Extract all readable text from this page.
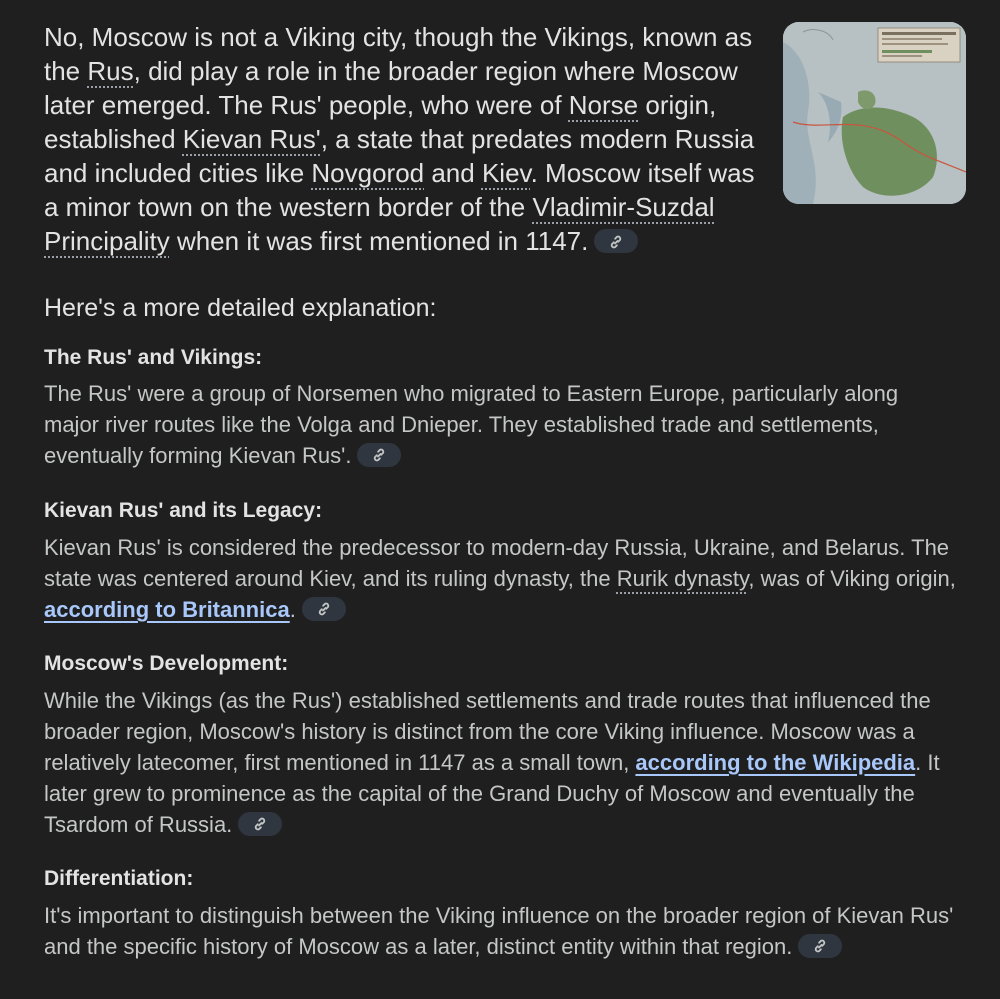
No, Moscow is not a Viking city, though the Vikings, known as the Rus, did play a role in the broader region where Moscow later emerged. The Rus' people, who were of Norse origin, established Kievan Rus', a state that predates modern Russia and included cities like Novgorod and Kiev. Moscow itself was a minor town on the western border of the Vladimir-Suzdal Principality when it was first mentioned in 1147.

Here's a more detailed explanation:

The Rus' and Vikings:

The Rus' were a group of Norsemen who migrated to Eastern Europe, particularly along major river routes like the Volga and Dnieper. They established trade and settlements, eventually forming Kievan Rus'.

Kievan Rus' and its Legacy:

Kievan Rus' is considered the predecessor to modern-day Russia, Ukraine, and Belarus. The state was centered around Kiev, and its ruling dynasty, the Rurik dynasty, was of Viking origin, according to Britannica.

Moscow's Development:

While the Vikings (as the Rus') established settlements and trade routes that influenced the broader region, Moscow's history is distinct from the core Viking influence. Moscow was a relatively latecomer, first mentioned in 1147 as a small town, according to the Wikipedia. It later grew to prominence as the capital of the Grand Duchy of Moscow and eventually the Tsardom of Russia.

Differentiation:

It's important to distinguish between the Viking influence on the broader region of Kievan Rus' and the specific history of Moscow as a later, distinct entity within that region.
